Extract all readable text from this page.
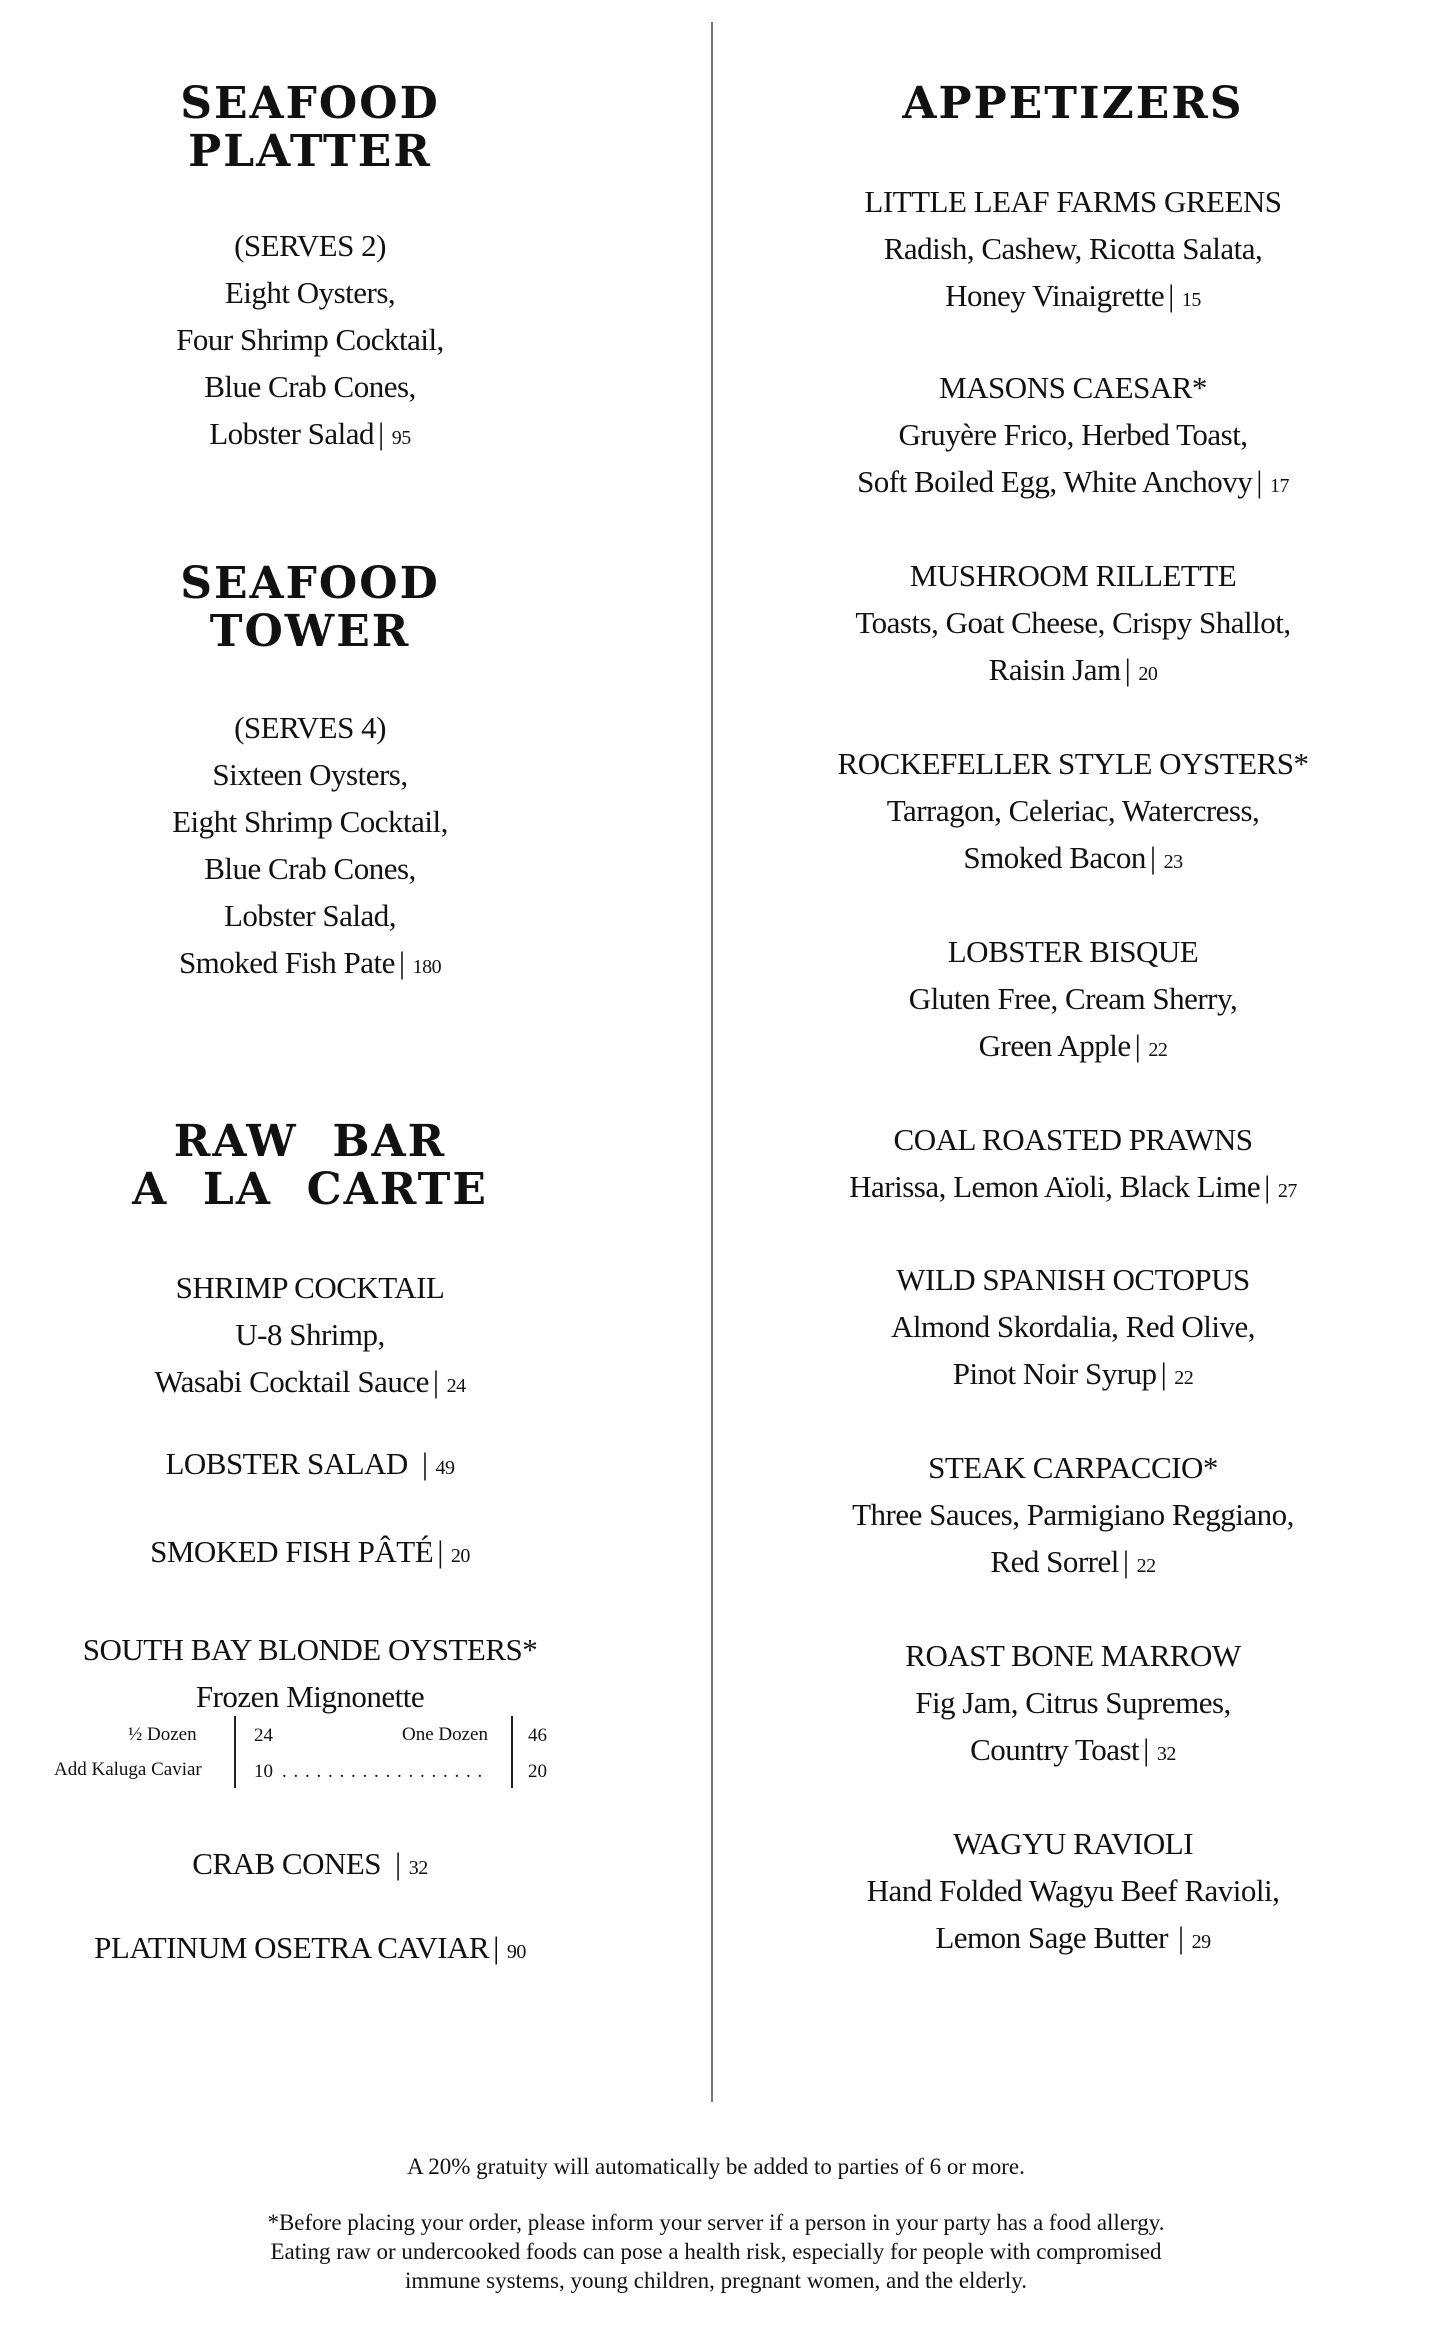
SEAFOOD
PLATTER
(SERVES 2)
Eight Oysters,
Four Shrimp Cocktail,
Blue Crab Cones,
Lobster Salad | 95
SEAFOOD
TOWER
(SERVES 4)
Sixteen Oysters,
Eight Shrimp Cocktail,
Blue Crab Cones,
Lobster Salad,
Smoked Fish Pate | 180
RAW  BAR
A  LA  CARTE
SHRIMP COCKTAIL
U-8 Shrimp,
Wasabi Cocktail Sauce | 24
LOBSTER SALAD | 49
SMOKED FISH PÂTÉ | 20
SOUTH BAY BLONDE OYSTERS*
Frozen Mignonette
½ Dozen	24	One Dozen 46
Add Kaluga Caviar	10 . . . . . . . . . . . . . . . . . . 20
CRAB CONES | 32
PLATINUM OSETRA CAVIAR | 90
APPETIZERS
LITTLE LEAF FARMS GREENS
Radish, Cashew, Ricotta Salata,
Honey Vinaigrette | 15
MASONS CAESAR*
Gruyère Frico, Herbed Toast,
Soft Boiled Egg, White Anchovy | 17
MUSHROOM RILLETTE
Toasts, Goat Cheese, Crispy Shallot,
Raisin Jam | 20
ROCKEFELLER STYLE OYSTERS*
Tarragon, Celeriac, Watercress,
Smoked Bacon | 23
LOBSTER BISQUE
Gluten Free, Cream Sherry,
Green Apple | 22
COAL ROASTED PRAWNS
Harissa, Lemon Aïoli, Black Lime | 27
WILD SPANISH OCTOPUS
Almond Skordalia, Red Olive,
Pinot Noir Syrup | 22
STEAK CARPACCIO*
Three Sauces, Parmigiano Reggiano,
Red Sorrel | 22
ROAST BONE MARROW
Fig Jam, Citrus Supremes,
Country Toast | 32
WAGYU RAVIOLI
Hand Folded Wagyu Beef Ravioli,
Lemon Sage Butter | 29
A 20% gratuity will automatically be added to parties of 6 or more.
*Before placing your order, please inform your server if a person in your party has a food allergy.
Eating raw or undercooked foods can pose a health risk, especially for people with compromised
immune systems, young children, pregnant women, and the elderly.
